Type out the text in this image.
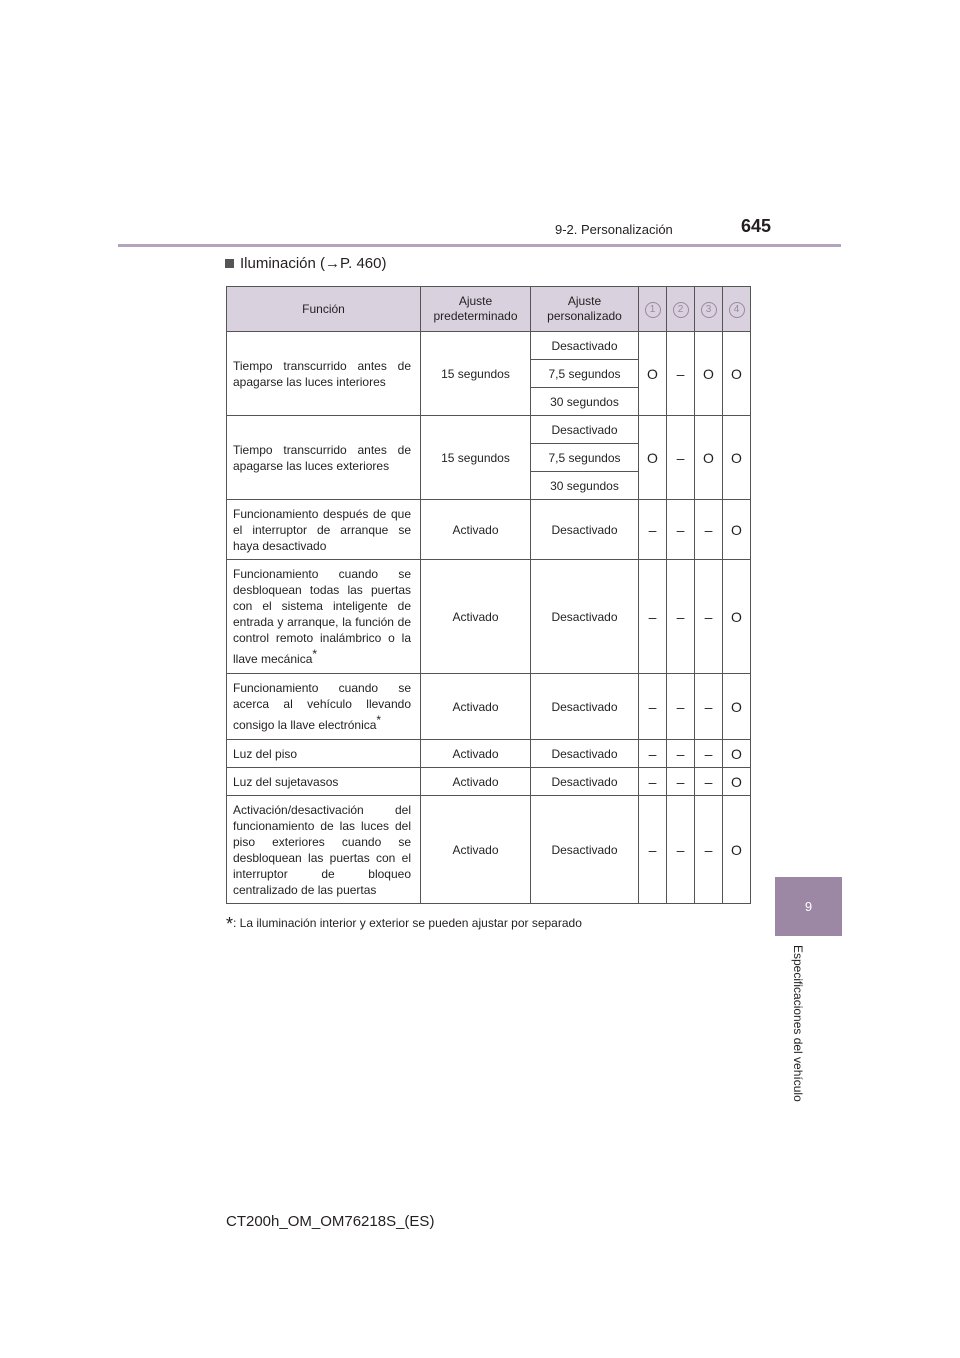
9-2. Personalización	645
9
Especificaciones del vehículo
Iluminación (→P. 460)
Función	Ajuste predeterminado	Ajuste personalizado	1	2	3	4
Tiempo transcurrido antes de apagarse las luces interiores	15 segundos	Desactivado	O	–	O	O
		7,5 segundos				
		30 segundos				
Tiempo transcurrido antes de apagarse las luces exteriores	15 segundos	Desactivado	O	–	O	O
		7,5 segundos				
		30 segundos				
Funcionamiento después de que el interruptor de arranque se haya desactivado	Activado	Desactivado	–	–	–	O
Funcionamiento cuando se desbloquean todas las puertas con el sistema inteligente de entrada y arranque, la función de control remoto inalámbrico o la llave mecánica*	Activado	Desactivado	–	–	–	O
Funcionamiento cuando se acerca al vehículo llevando consigo la llave electrónica*	Activado	Desactivado	–	–	–	O
Luz del piso	Activado	Desactivado	–	–	–	O
Luz del sujetavasos	Activado	Desactivado	–	–	–	O
Activación/desactivación del funcionamiento de las luces del piso exteriores cuando se desbloquean las puertas con el interruptor de bloqueo centralizado de las puertas	Activado	Desactivado	–	–	–	O
*: La iluminación interior y exterior se pueden ajustar por separado
CT200h_OM_OM76218S_(ES)
